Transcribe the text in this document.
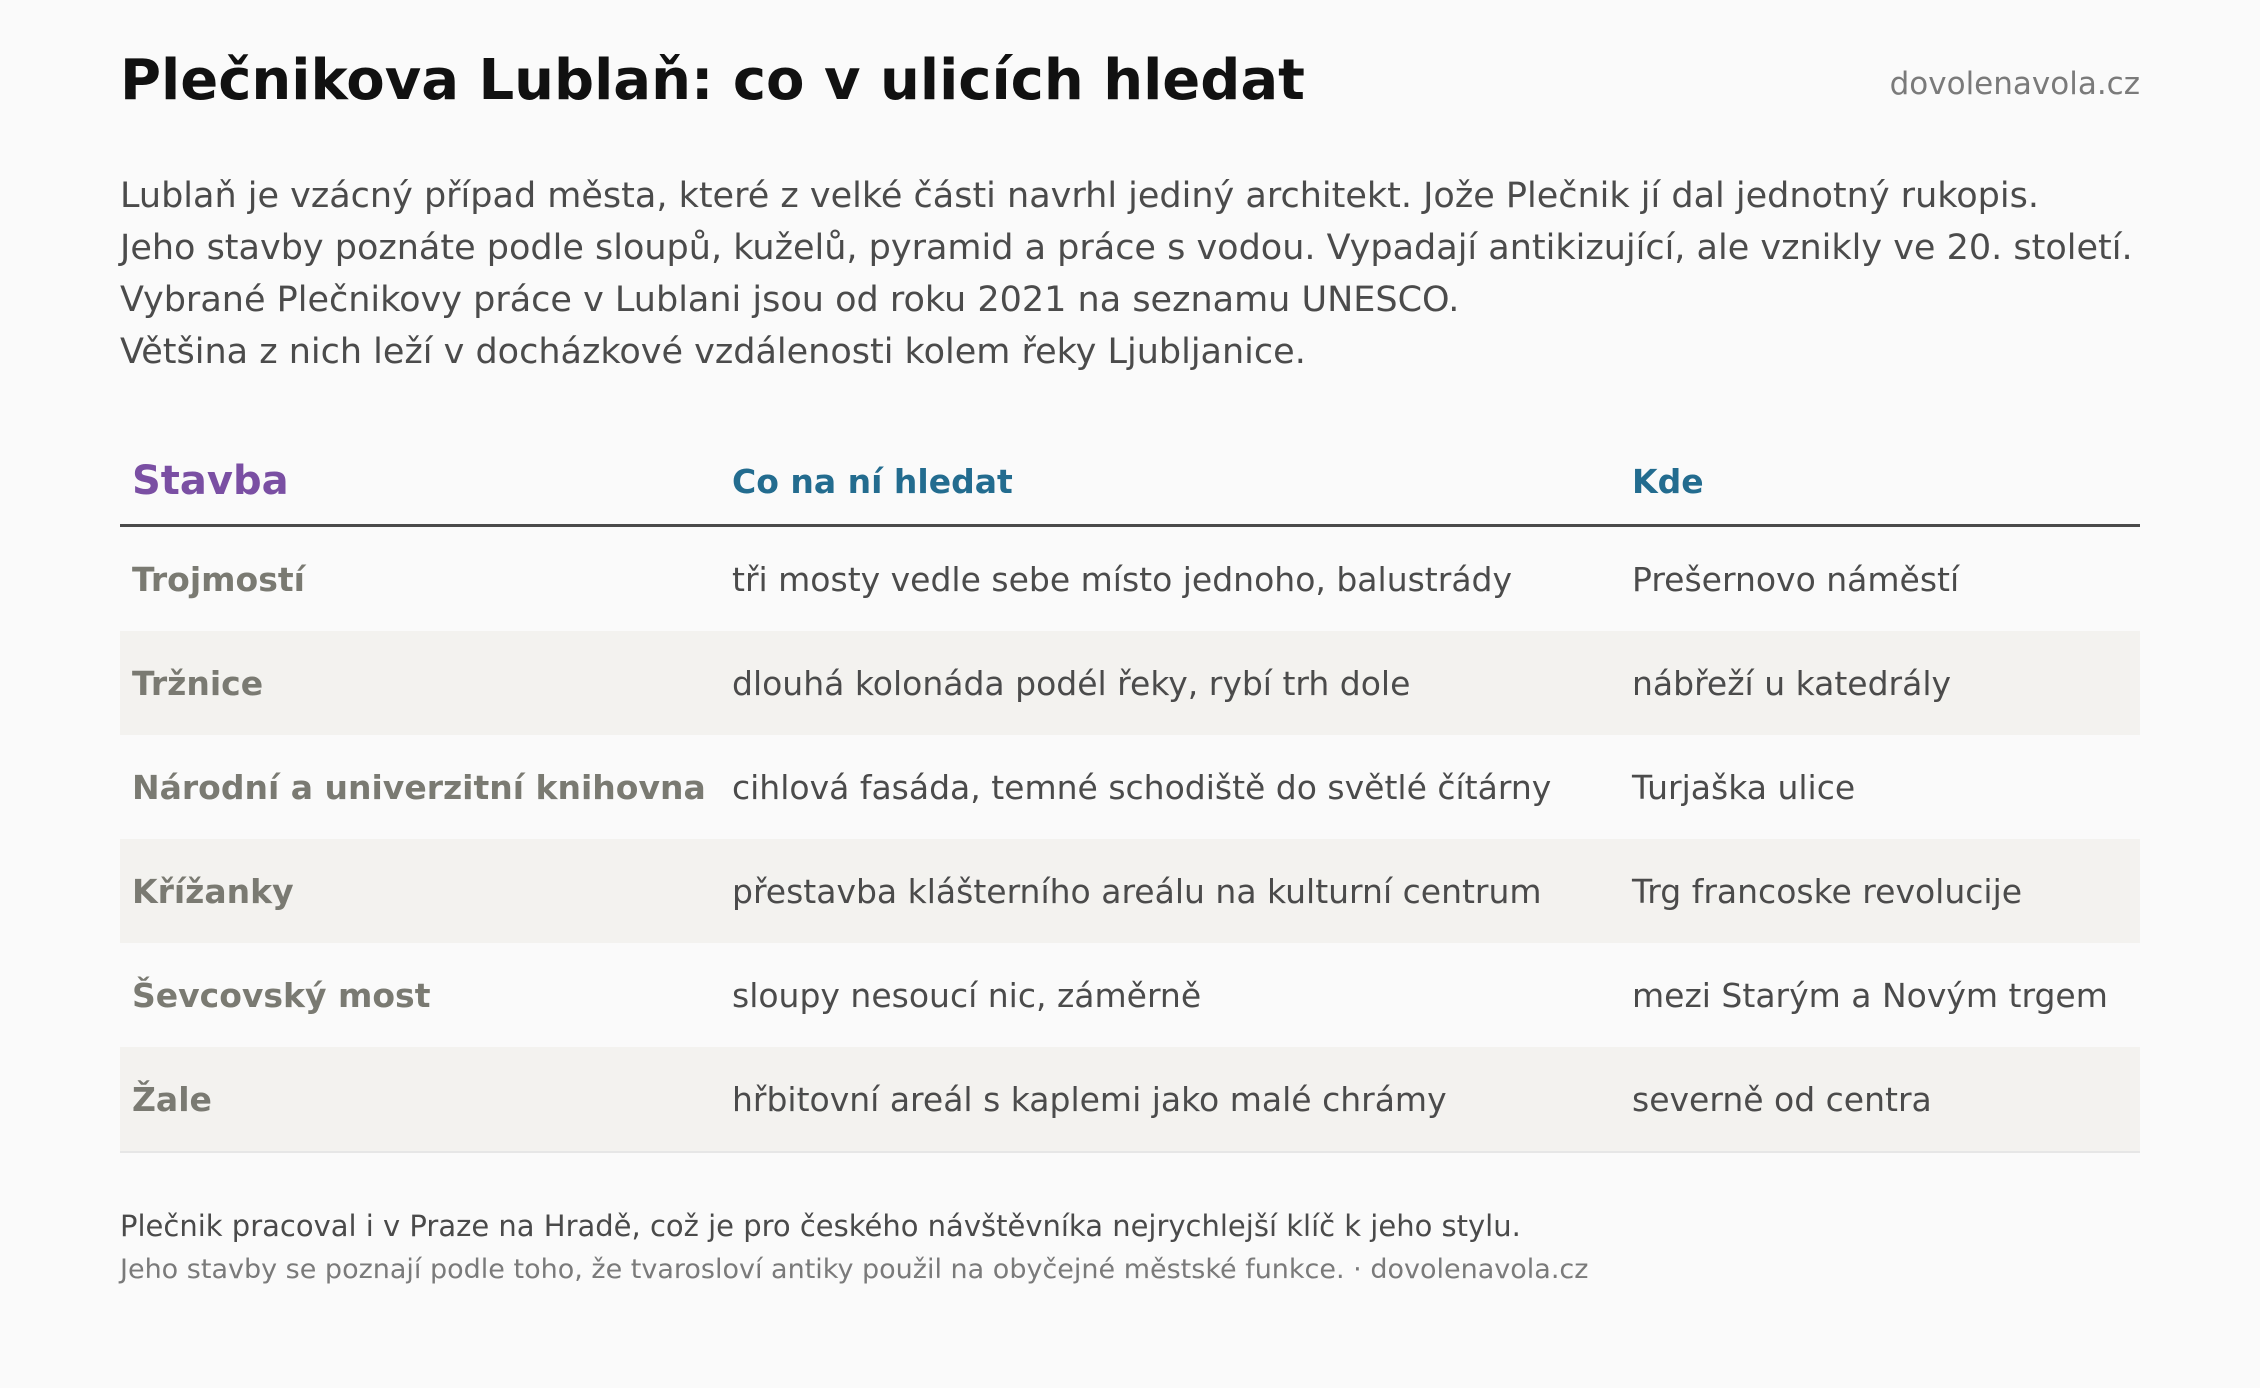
Plečnikova Lublaň: co v ulicích hledat	dovolenavola.cz
Lublaň je vzácný případ města, které z velké části navrhl jediný architekt. Jože Plečnik jí dal jednotný rukopis.
Jeho stavby poznáte podle sloupů, kuželů, pyramid a práce s vodou. Vypadají antikizující, ale vznikly ve 20. století.
Vybrané Plečnikovy práce v Lublani jsou od roku 2021 na seznamu UNESCO.
Většina z nich leží v docházkové vzdálenosti kolem řeky Ljubljanice.
Stavba	Co na ní hledat	Kde
Trojmostí	tři mosty vedle sebe místo jednoho, balustrády	Prešernovo náměstí
Tržnice	dlouhá kolonáda podél řeky, rybí trh dole	nábřeží u katedrály
Národní a univerzitní knihovna	cihlová fasáda, temné schodiště do světlé čítárny	Turjaška ulice
Křížanky	přestavba klášterního areálu na kulturní centrum	Trg francoske revolucije
Ševcovský most	sloupy nesoucí nic, záměrně	mezi Starým a Novým trgem
Žale	hřbitovní areál s kaplemi jako malé chrámy	severně od centra
Plečnik pracoval i v Praze na Hradě, což je pro českého návštěvníka nejrychlejší klíč k jeho stylu.
Jeho stavby se poznají podle toho, že tvarosloví antiky použil na obyčejné městské funkce. · dovolenavola.cz
